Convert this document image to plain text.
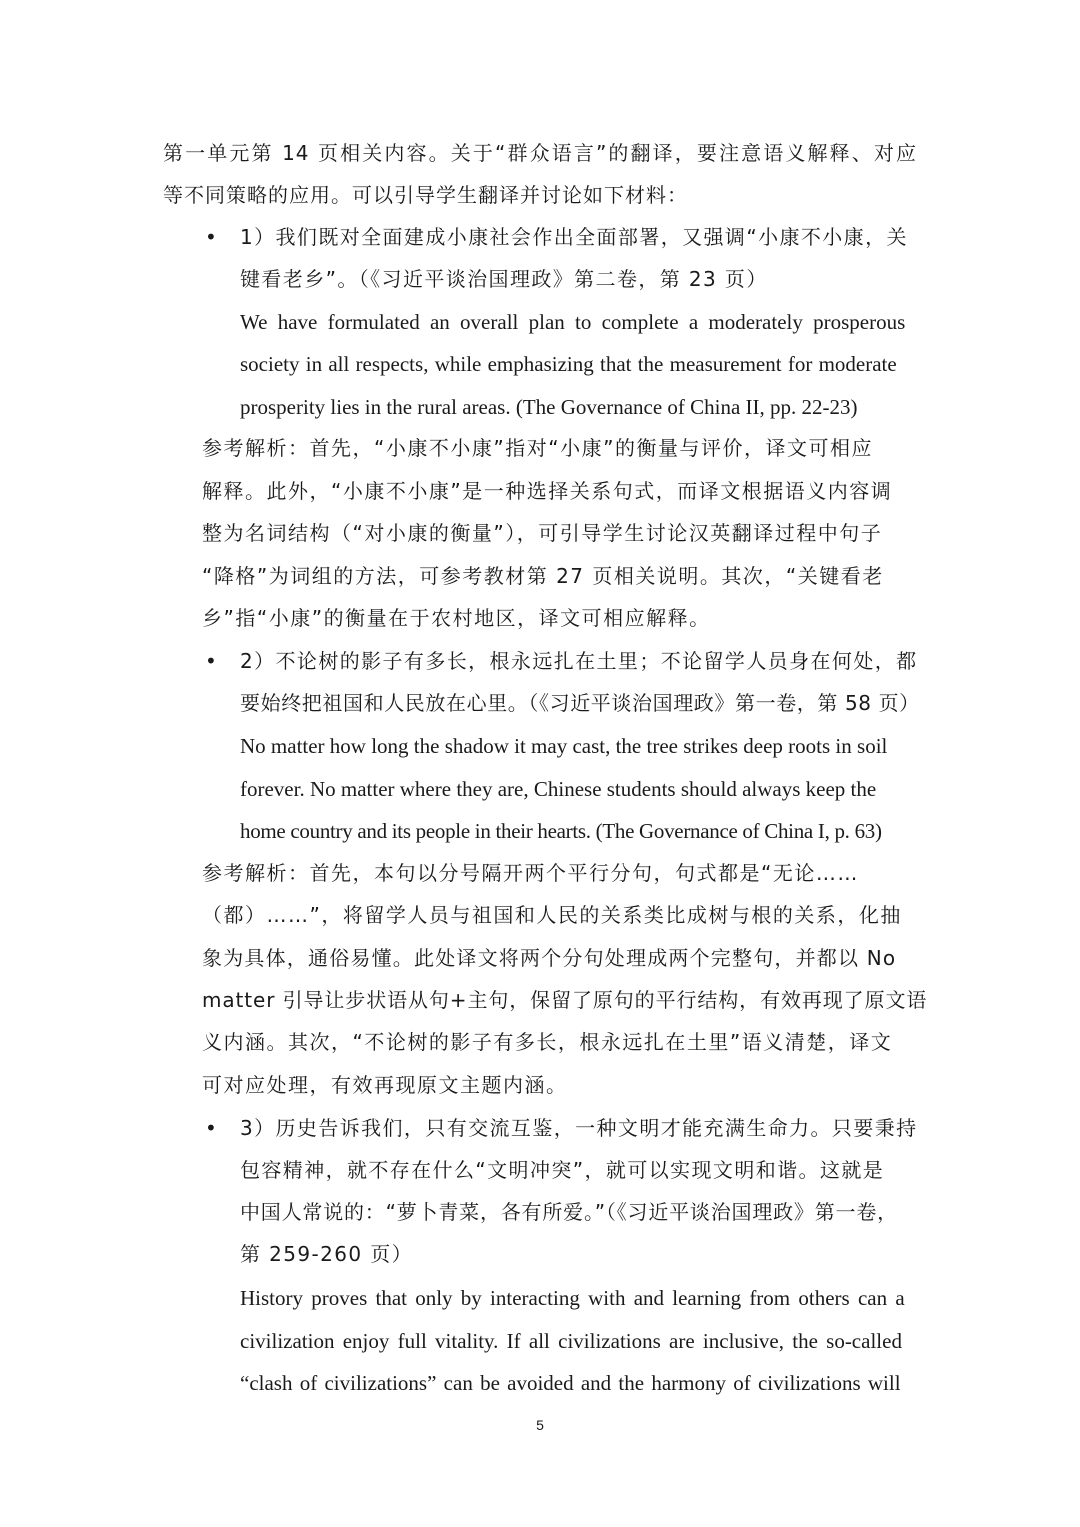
第一单元第 14 页相关内容。关于“群众语言”的翻译，要注意语义解释、对应
等不同策略的应用。可以引导学生翻译并讨论如下材料：
• 1）我们既对全面建成小康社会作出全面部署，又强调“小康不小康，关
键看老乡”。（《习近平谈治国理政》第二卷，第 23 页）
We have formulated an overall plan to complete a moderately prosperous
society in all respects, while emphasizing that the measurement for moderate
prosperity lies in the rural areas. (The Governance of China II, pp. 22-23)
参考解析：首先，“小康不小康”指对“小康”的衡量与评价，译文可相应
解释。此外，“小康不小康”是一种选择关系句式，而译文根据语义内容调
整为名词结构（“对小康的衡量”），可引导学生讨论汉英翻译过程中句子
“降格”为词组的方法，可参考教材第 27 页相关说明。其次，“关键看老
乡”指“小康”的衡量在于农村地区，译文可相应解释。
• 2）不论树的影子有多长，根永远扎在土里；不论留学人员身在何处，都
要始终把祖国和人民放在心里。（《习近平谈治国理政》第一卷，第 58 页）
No matter how long the shadow it may cast, the tree strikes deep roots in soil
forever. No matter where they are, Chinese students should always keep the
home country and its people in their hearts. (The Governance of China I, p. 63)
参考解析：首先，本句以分号隔开两个平行分句，句式都是“无论……
（都）……”，将留学人员与祖国和人民的关系类比成树与根的关系，化抽
象为具体，通俗易懂。此处译文将两个分句处理成两个完整句，并都以 No
matter 引导让步状语从句+主句，保留了原句的平行结构，有效再现了原文语
义内涵。其次，“不论树的影子有多长，根永远扎在土里”语义清楚，译文
可对应处理，有效再现原文主题内涵。
• 3）历史告诉我们，只有交流互鉴，一种文明才能充满生命力。只要秉持
包容精神，就不存在什么“文明冲突”，就可以实现文明和谐。这就是
中国人常说的：“萝卜青菜，各有所爱。”（《习近平谈治国理政》第一卷，
第 259-260 页）
History proves that only by interacting with and learning from others can a
civilization enjoy full vitality. If all civilizations are inclusive, the so-called
“clash of civilizations” can be avoided and the harmony of civilizations will
5
